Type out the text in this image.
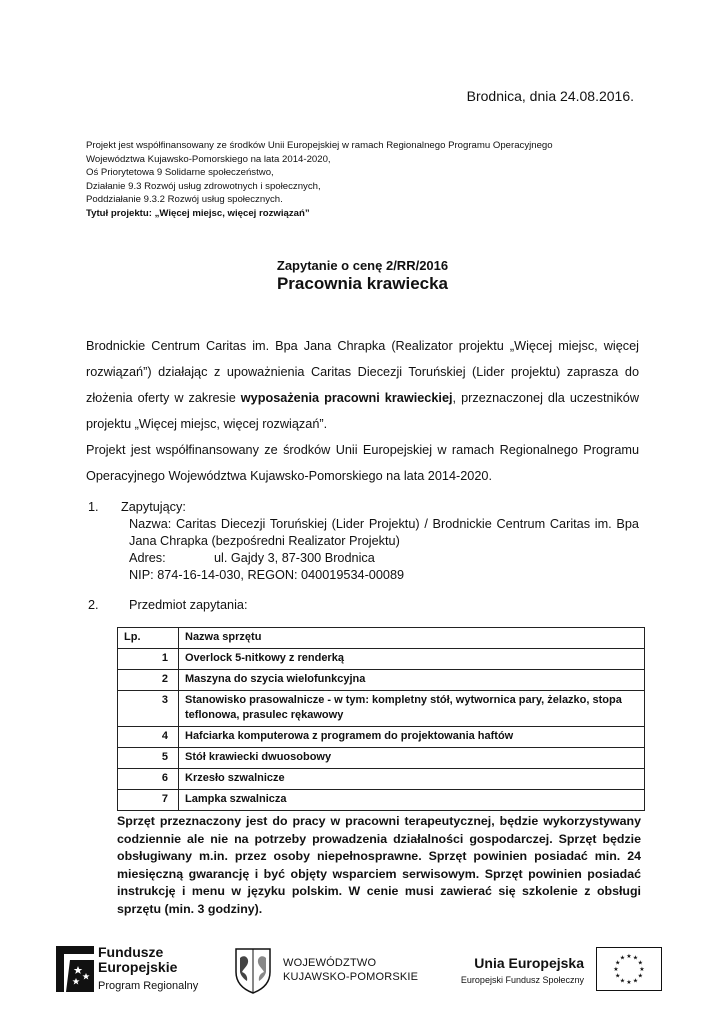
Brodnica, dnia 24.08.2016.
Projekt jest współfinansowany ze środków Unii Europejskiej w ramach Regionalnego Programu Operacyjnego
Województwa Kujawsko-Pomorskiego na lata 2014-2020,
Oś Priorytetowa 9 Solidarne społeczeństwo,
Działanie 9.3 Rozwój usług zdrowotnych i społecznych,
Poddziałanie 9.3.2 Rozwój usług społecznych.
Tytuł projektu: „Więcej miejsc, więcej rozwiązań”
Zapytanie o cenę 2/RR/2016
Pracownia krawiecka

Brodnickie Centrum Caritas im. Bpa Jana Chrapka (Realizator projektu „Więcej miejsc, więcej rozwiązań”) działając z upoważnienia Caritas Diecezji Toruńskiej (Lider projektu) zaprasza do złożenia oferty w zakresie wyposażenia pracowni krawieckiej, przeznaczonej dla uczestników projektu „Więcej miejsc, więcej rozwiązań”.

Projekt jest współfinansowany ze środków Unii Europejskiej w ramach Regionalnego Programu Operacyjnego Województwa Kujawsko-Pomorskiego na lata 2014-2020.

1. Zapytujący:
Nazwa: Caritas Diecezji Toruńskiej (Lider Projektu) / Brodnickie Centrum Caritas im. Bpa Jana Chrapka (bezpośredni Realizator Projektu)
Adres:	ul. Gajdy 3, 87-300 Brodnica
NIP: 874-16-14-030, REGON: 040019534-00089
2. Przedmiot zapytania:
Lp.	Nazwa sprzętu
1	Overlock 5-nitkowy z renderką
2	Maszyna do szycia wielofunkcyjna
3	Stanowisko prasowalnicze - w tym: kompletny stół, wytwornica pary, żelazko, stopa teflonowa, prasulec rękawowy
4	Hafciarka komputerowa z programem do projektowania haftów
5	Stół krawiecki dwuosobowy
6	Krzesło szwalnicze
7	Lampka szwalnicza
Sprzęt przeznaczony jest do pracy w pracowni terapeutycznej, będzie wykorzystywany codziennie ale nie na potrzeby prowadzenia działalności gospodarczej. Sprzęt będzie obsługiwany m.in. przez osoby niepełnosprawne. Sprzęt powinien posiadać min. 24 miesięczną gwarancję i być objęty wsparciem serwisowym. Sprzęt powinien posiadać instrukcję i menu w języku polskim. W cenie musi zawierać się szkolenie z obsługi sprzętu (min. 3 godziny).
Fundusze
Europejskie
Program Regionalny
WOJEWÓDZTWO
KUJAWSKO-POMORSKIE
Unia Europejska
Europejski Fundusz Społeczny
★
★
★
★
★
★
★
★
★ ★ ★
★
